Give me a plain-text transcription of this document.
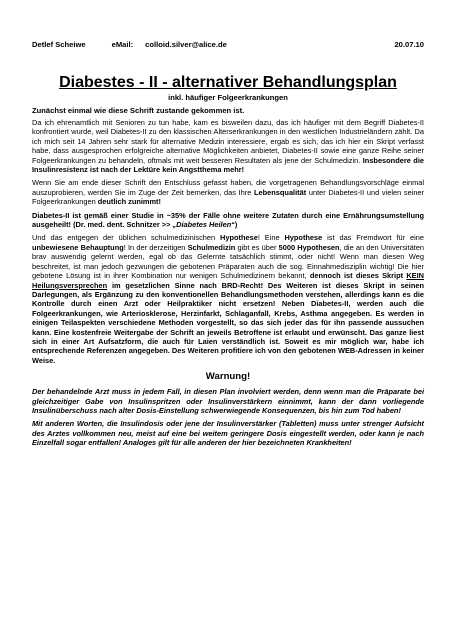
Detlef Scheiwe	eMail: colloid.silver@alice.de	20.07.10
Diabestes - II - alternativer Behandlungsplan
inkl. häufiger Folgeerkrankungen
Zunächst einmal wie diese Schrift zustande gekommen ist.

Da ich ehrenamtlich mit Senioren zu tun habe, kam es bisweilen dazu, das ich häufiger mit dem Begriff Diabetes-II konfrontiert wurde, weil Diabetes-II zu den klassischen Alterserkrankungen in den westlichen Industrieländern zählt. Da ich mich seit 14 Jahren sehr stark für alternative Medizin interessiere, ergab es sich, das ich hier ein Skript verfasst habe, dass ausgesprochen erfolgreiche alternative Möglichkeiten anbietet, Diabetes-II sowie eine ganze Reihe seiner Folgeerkrankungen zu behandeln, oftmals mit weit besseren Resultaten als jene der Schulmedizin. Insbesondere die Insulinresistenz ist nach der Lektüre kein Angstthema mehr!

Wenn Sie am ende dieser Schrift den Entschluss gefasst haben, die vorgetragenen Behandlungsvorschläge einmal auszuprobieren, werden Sie im Zuge der Zeit bemerken, das Ihre Lebensqualität unter Diabetes-II und vielen seiner Folgeerkrankungen deutlich zunimmt!

Diabetes-II ist gemäß einer Studie in ~35% der Fälle ohne weitere Zutaten durch eine Ernährungsumstellung ausgeheilt! (Dr. med. dent. Schnitzer >> „Diabetes Heilen“)

Und das entgegen der üblichen schulmedizinischen Hypothese! Eine Hypothese ist das Fremdwort für eine unbewiesene Behauptung! In der derzeitigen Schulmedizin gibt es über 5000 Hypothesen, die an den Universitäten brav auswendig gelernt werden, egal ob das Gelernte tatsächlich stimmt, oder nicht! Wenn man diesen Weg beschreitet, ist man jedoch gezwungen die gebotenen Präparaten auch die sog. Einnahmedisziplin wichtig! Die hier gebotene Lösung ist in ihrer Kombination nur wenigen Schulmedizinern bekannt, dennoch ist dieses Skript KEIN Heilungsversprechen im gesetzlichen Sinne nach BRD-Recht! Des Weiteren ist dieses Skript in seinen Darlegungen, als Ergänzung zu den konventionellen Behandlungsmethoden verstehen, allerdings kann es die Kontrolle durch einen Arzt oder Heilpraktiker nicht ersetzen! Neben Diabetes-II, werden auch die Folgeerkrankungen, wie Arteriosklerose, Herzinfarkt, Schlaganfall, Krebs, Asthma angegeben. Es werden in einigen Teilaspekten verschiedene Methoden vorgestellt, so das sich jeder das für ihn passende aussuchen kann. Eine kostenfreie Weitergabe der Schrift an jeweils Betroffene ist erlaubt und erwünscht. Das ganze liest sich in einer Art Aufsatzform, die auch für Laien verständlich ist. Soweit es mir möglich war, habe ich entsprechende Referenzen angegeben. Des Weiteren profitiere ich von den gebotenen WEB-Adressen in keiner Weise.

Warnung!

Der behandelnde Arzt muss in jedem Fall, in diesen Plan involviert werden, denn wenn man die Präparate bei gleichzeitiger Gabe von Insulinspritzen oder Insulinverstärkern einnimmt, kann der dann vorliegende Insulinüberschuss nach alter Dosis-Einstellung schwerwiegende Konsequenzen, bis hin zum Tod haben!

Mit anderen Worten, die Insulindosis oder jene der Insulinverstärker (Tabletten) muss unter strenger Aufsicht des Arztes vollkommen neu, meist auf eine bei weitem geringere Dosis eingestellt werden, oder kann je nach Einzelfall sogar entfallen! Analoges gilt für alle anderen der hier bezeichneten Krankheiten!
